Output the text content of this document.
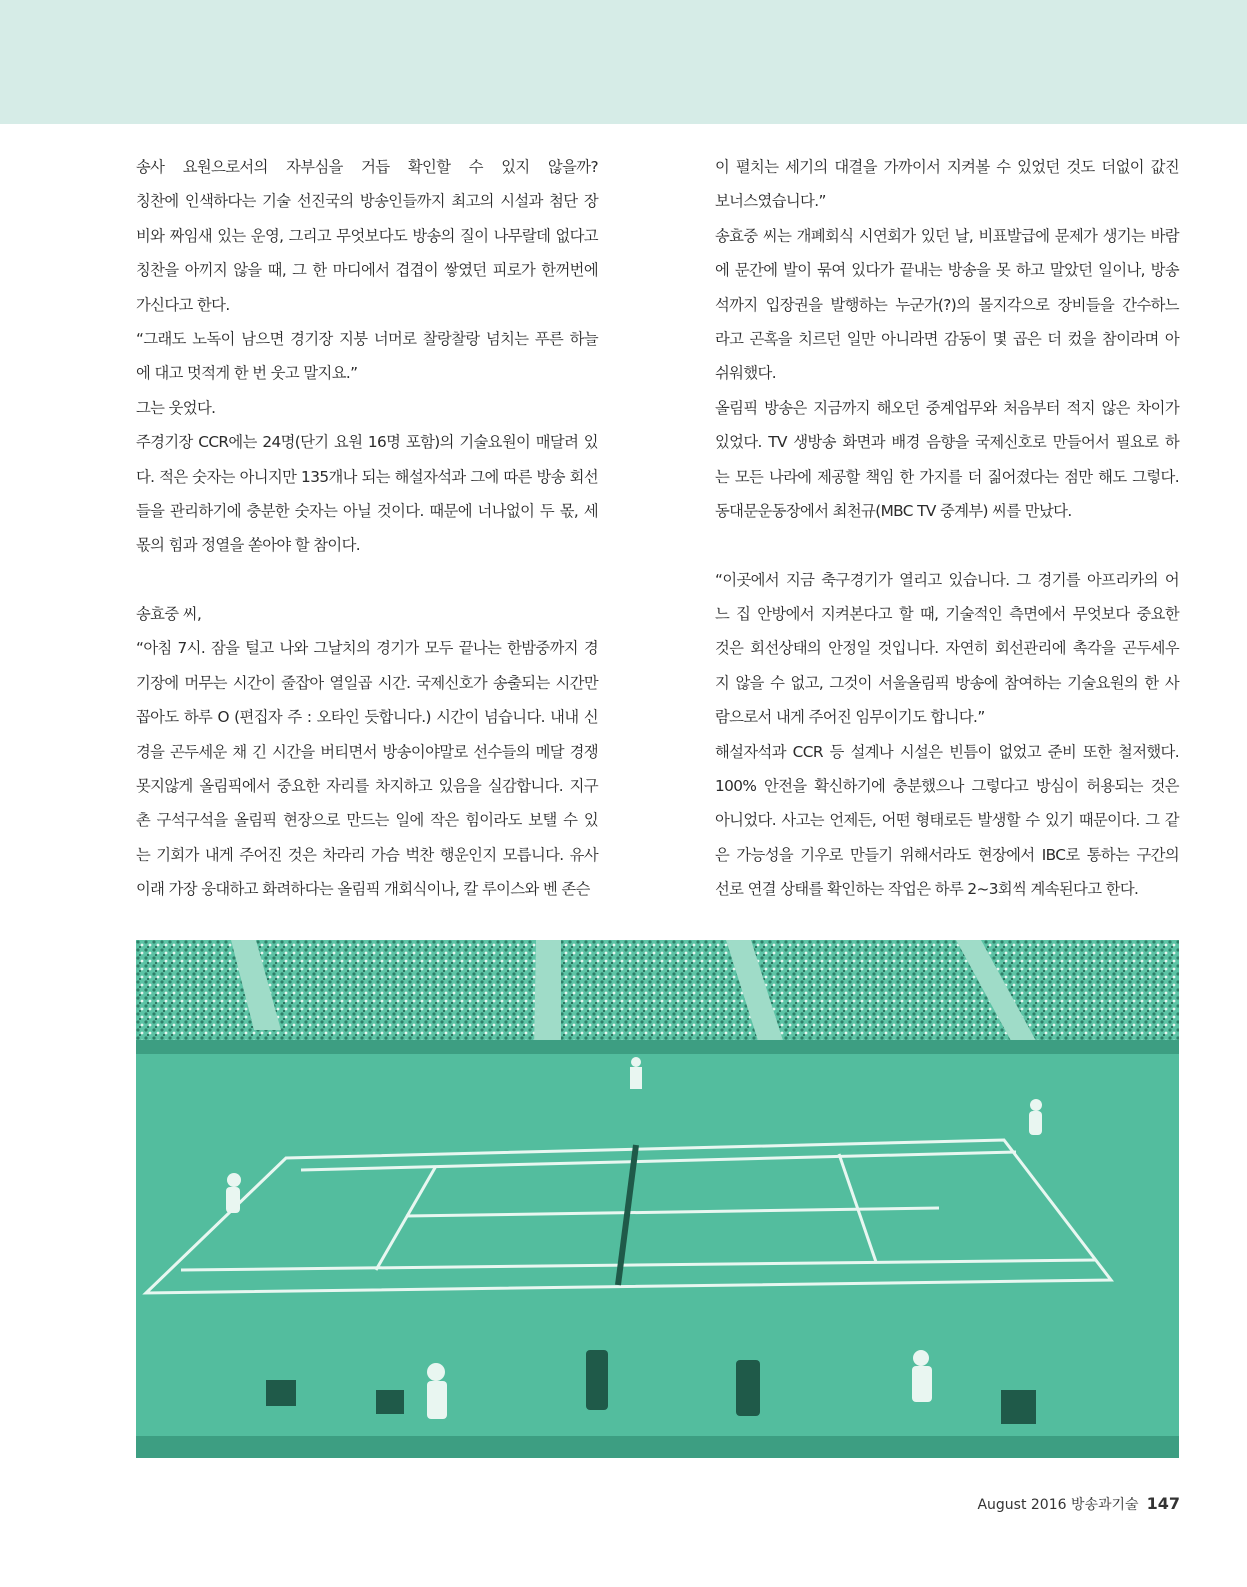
송사 요원으로서의 자부심을 거듭 확인할 수 있지 않을까?
칭찬에 인색하다는 기술 선진국의 방송인들까지 최고의 시설과 첨단 장
비와 짜임새 있는 운영, 그리고 무엇보다도 방송의 질이 나무랄데 없다고
칭찬을 아끼지 않을 때, 그 한 마디에서 겹겹이 쌓였던 피로가 한꺼번에
가신다고 한다.
“그래도 노독이 남으면 경기장 지붕 너머로 찰랑찰랑 넘치는 푸른 하늘
에 대고 멋적게 한 번 웃고 말지요.”
그는 웃었다.
주경기장 CCR에는 24명(단기 요원 16명 포함)의 기술요원이 매달려 있
다. 적은 숫자는 아니지만 135개나 되는 해설자석과 그에 따른 방송 회선
들을 관리하기에 충분한 숫자는 아닐 것이다. 때문에 너나없이 두 몫, 세
몫의 힘과 정열을 쏟아야 할 참이다.
송효중 씨,
“아침 7시. 잠을 털고 나와 그날치의 경기가 모두 끝나는 한밤중까지 경
기장에 머무는 시간이 줄잡아 열일곱 시간. 국제신호가 송출되는 시간만
꼽아도 하루 O (편집자 주 : 오타인 듯합니다.) 시간이 넘습니다. 내내 신
경을 곤두세운 채 긴 시간을 버티면서 방송이야말로 선수들의 메달 경쟁
못지않게 올림픽에서 중요한 자리를 차지하고 있음을 실감합니다. 지구
촌 구석구석을 올림픽 현장으로 만드는 일에 작은 힘이라도 보탤 수 있
는 기회가 내게 주어진 것은 차라리 가슴 벅찬 행운인지 모릅니다. 유사
이래 가장 웅대하고 화려하다는 올림픽 개회식이나, 칼 루이스와 벤 존슨
이 펼치는 세기의 대결을 가까이서 지켜볼 수 있었던 것도 더없이 값진
보너스였습니다.”
송효중 씨는 개폐회식 시연회가 있던 날, 비표발급에 문제가 생기는 바람
에 문간에 발이 묶여 있다가 끝내는 방송을 못 하고 말았던 일이나, 방송
석까지 입장권을 발행하는 누군가(?)의 몰지각으로 장비들을 간수하느
라고 곤혹을 치르던 일만 아니라면 감동이 몇 곱은 더 컸을 참이라며 아
쉬워했다.
올림픽 방송은 지금까지 해오던 중계업무와 처음부터 적지 않은 차이가
있었다. TV 생방송 화면과 배경 음향을 국제신호로 만들어서 필요로 하
는 모든 나라에 제공할 책임 한 가지를 더 짊어졌다는 점만 해도 그렇다.
동대문운동장에서 최천규(MBC TV 중계부) 씨를 만났다.
“이곳에서 지금 축구경기가 열리고 있습니다. 그 경기를 아프리카의 어
느 집 안방에서 지켜본다고 할 때, 기술적인 측면에서 무엇보다 중요한
것은 회선상태의 안정일 것입니다. 자연히 회선관리에 촉각을 곤두세우
지 않을 수 없고, 그것이 서울올림픽 방송에 참여하는 기술요원의 한 사
람으로서 내게 주어진 임무이기도 합니다.”
해설자석과 CCR 등 설계나 시설은 빈틈이 없었고 준비 또한 철저했다.
100% 안전을 확신하기에 충분했으나 그렇다고 방심이 허용되는 것은
아니었다. 사고는 언제든, 어떤 형태로든 발생할 수 있기 때문이다. 그 같
은 가능성을 기우로 만들기 위해서라도 현장에서 IBC로 통하는 구간의
선로 연결 상태를 확인하는 작업은 하루 2~3회씩 계속된다고 한다.
August 2016 방송과기술 147
